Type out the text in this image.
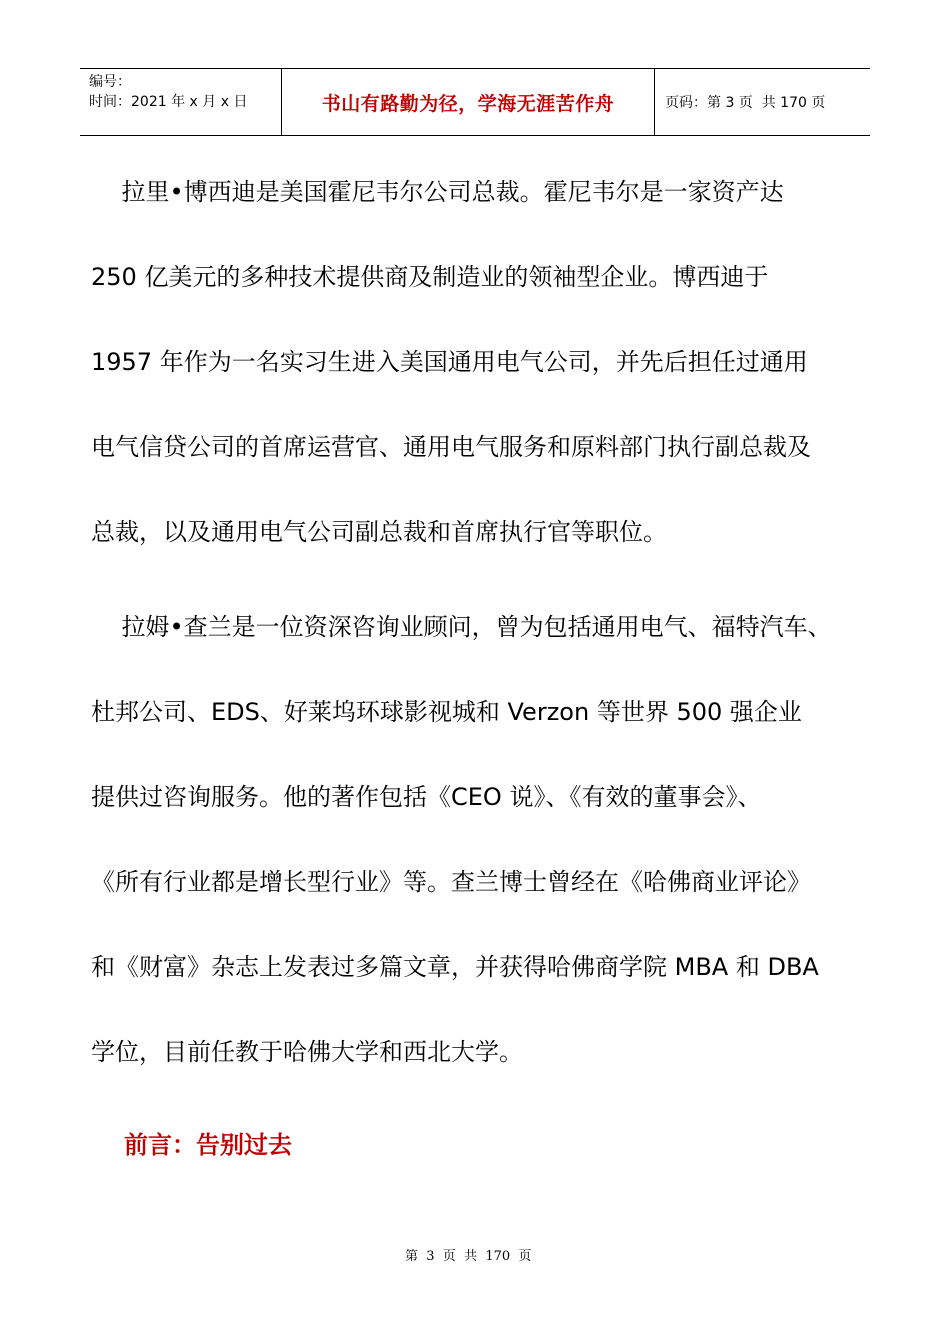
编号：
时间：2021 年 x 月 x 日	书山有路勤为径，学海无涯苦作舟	页码：第 3 页  共 170 页
拉里•博西迪是美国霍尼韦尔公司总裁。霍尼韦尔是一家资产达
250 亿美元的多种技术提供商及制造业的领袖型企业。博西迪于
1957 年作为一名实习生进入美国通用电气公司，并先后担任过通用
电气信贷公司的首席运营官、通用电气服务和原料部门执行副总裁及
总裁，以及通用电气公司副总裁和首席执行官等职位。
拉姆•查兰是一位资深咨询业顾问，曾为包括通用电气、福特汽车、
杜邦公司、EDS、好莱坞环球影视城和 Verzon 等世界 500 强企业
提供过咨询服务。他的著作包括《CEO 说》、《有效的董事会》、
《所有行业都是增长型行业》等。查兰博士曾经在《哈佛商业评论》
和《财富》杂志上发表过多篇文章，并获得哈佛商学院 MBA 和 DBA
学位，目前任教于哈佛大学和西北大学。
前言：告别过去
第  3  页  共  170  页
